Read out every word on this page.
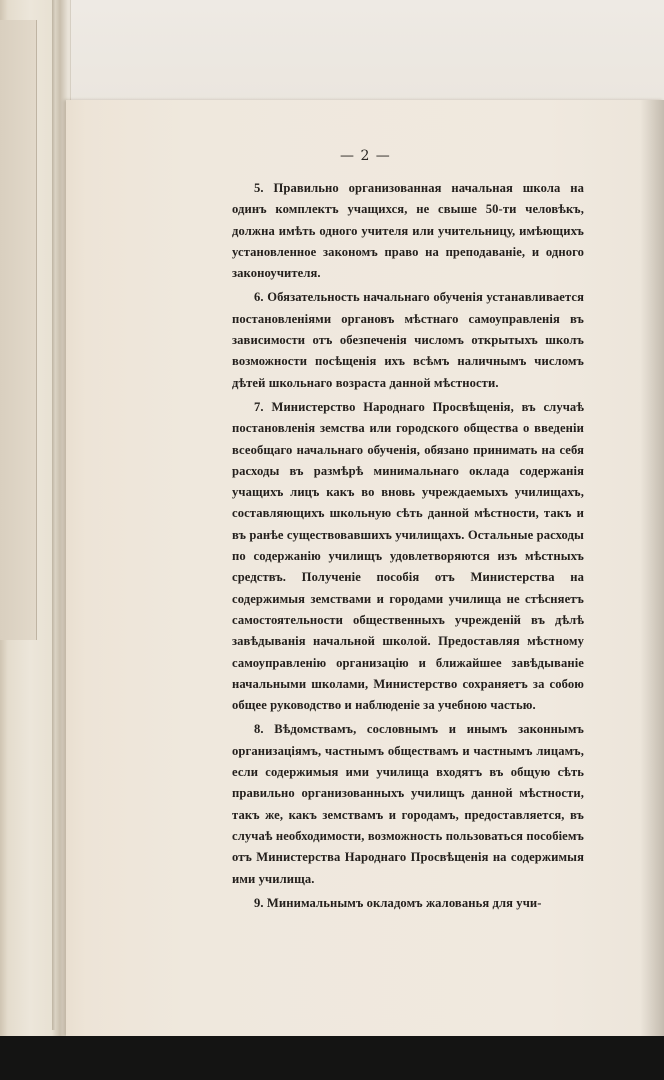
— 2 —

5. Правильно организованная начальная школа на одинъ комплектъ учащихся, не свыше 50-ти человѣкъ, должна имѣть одного учителя или учительницу, имѣющихъ установленное закономъ право на преподаваніе, и одного законоучителя.

6. Обязательность начальнаго обученія устанавливается постановленіями органовъ мѣстнаго самоуправленія въ зависимости отъ обезпеченія числомъ открытыхъ школъ возможности посѣщенія ихъ всѣмъ наличнымъ числомъ дѣтей школьнаго возраста данной мѣстности.

7. Министерство Народнаго Просвѣщенія, въ случаѣ постановленія земства или городского общества о введеніи всеобщаго начальнаго обученія, обязано принимать на себя расходы въ размѣрѣ минимальнаго оклада содержанія учащихъ лицъ какъ во вновь учреждаемыхъ училищахъ, составляющихъ школьную сѣть данной мѣстности, такъ и въ ранѣе существовавшихъ училищахъ. Остальные расходы по содержанію училищъ удовлетворяются изъ мѣстныхъ средствъ. Полученіе пособія отъ Министерства на содержимыя земствами и городами училища не стѣсняетъ самостоятельности общественныхъ учрежденій въ дѣлѣ завѣдыванія начальной школой. Предоставляя мѣстному самоуправленію организацію и ближайшее завѣдываніе начальными школами, Министерство сохраняетъ за собою общее руководство и наблюденіе за учебною частью.

8. Вѣдомствамъ, сословнымъ и инымъ законнымъ организаціямъ, частнымъ обществамъ и частнымъ лицамъ, если содержимыя ими училища входятъ въ общую сѣть правильно организованныхъ училищъ данной мѣстности, такъ же, какъ земствамъ и городамъ, предоставляется, въ случаѣ необходимости, возможность пользоваться пособіемъ отъ Министерства Народнаго Просвѣщенія на содержимыя ими училища.

9. Минимальнымъ окладомъ жалованья для учи-
